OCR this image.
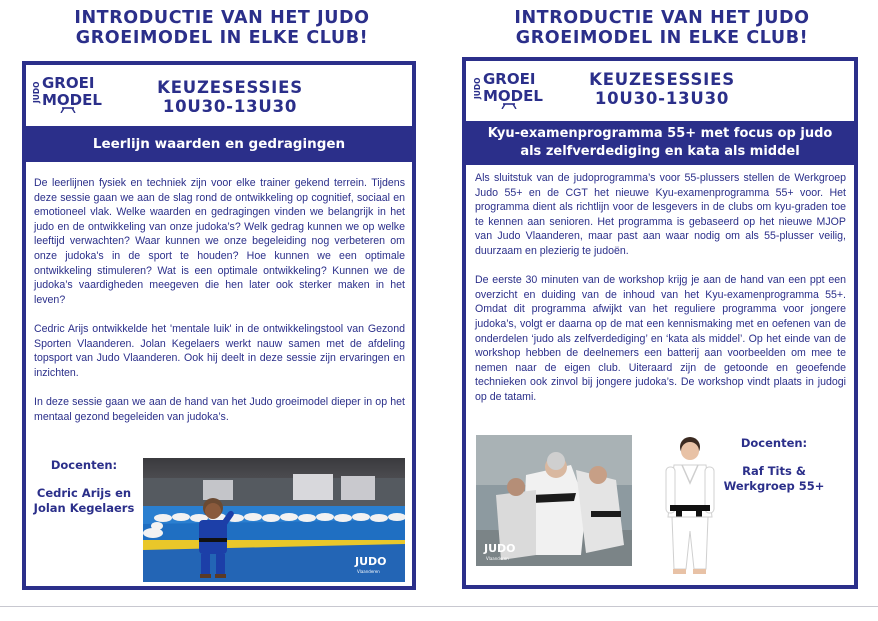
INTRODUCTIE VAN HET JUDO
GROEIMODEL IN ELKE CLUB!
JUDO GROEI
MODEL
KEUZESESSIES
10U30-13U30
Leerlijn waarden en gedragingen

De leerlijnen fysiek en techniek zijn voor elke trainer gekend terrein. Tijdens deze sessie gaan we aan de slag rond de ontwikkeling op cognitief, sociaal en emotioneel vlak. Welke waarden en gedragingen vinden we belangrijk in het judo en de ontwikkeling van onze judoka’s? Welk gedrag kunnen we op welke leeftijd verwachten? Waar kunnen we onze begeleiding nog verbeteren om onze judoka's in de sport te houden? Hoe kunnen we een optimale ontwikkeling stimuleren? Wat is een optimale ontwikkeling? Kunnen we de judoka’s vaardigheden meegeven die hen later ook sterker maken in het leven?

Cedric Arijs ontwikkelde het 'mentale luik' in de ontwikkelingstool van Gezond Sporten Vlaanderen. Jolan Kegelaers werkt nauw samen met de afdeling topsport van Judo Vlaanderen. Ook hij deelt in deze sessie zijn ervaringen en inzichten.

In deze sessie gaan we aan de hand van het Judo groeimodel dieper in op het mentaal gezond begeleiden van judoka’s.

Docenten:
Cedric Arijs en Jolan Kegelaers
JUDO
Vlaanderen
INTRODUCTIE VAN HET JUDO
GROEIMODEL IN ELKE CLUB!
JUDO GROEI
MODEL
KEUZESESSIES
10U30-13U30
Kyu-examenprogramma 55+ met focus op judo
als zelfverdediging en kata als middel

Als sluitstuk van de judoprogramma’s voor 55-plussers stellen de Werkgroep Judo 55+ en de CGT het nieuwe Kyu-examenprogramma 55+ voor. Het programma dient als richtlijn voor de lesgevers in de clubs om kyu-graden toe te kennen aan senioren. Het programma is gebaseerd op het nieuwe MJOP van Judo Vlaanderen, maar past aan waar nodig om als 55-plusser veilig, duurzaam en plezierig te judoën.

De eerste 30 minuten van de workshop krijg je aan de hand van een ppt een overzicht en duiding van de inhoud van het Kyu-examenprogramma 55+. Omdat dit programma afwijkt van het reguliere programma voor jongere judoka’s, volgt er daarna op de mat een kennismaking met en oefenen van de onderdelen ‘judo als zelfverdediging’ en ‘kata als middel’. Op het einde van de workshop hebben de deelnemers een batterij aan voorbeelden om mee te nemen naar de eigen club. Uiteraard zijn de getoonde en geoefende technieken ook zinvol bij jongere judoka’s. De workshop vindt plaats in judogi op de tatami.

JUDO
Vlaanderen
Docenten:
Raf Tits & Werkgroep 55+
